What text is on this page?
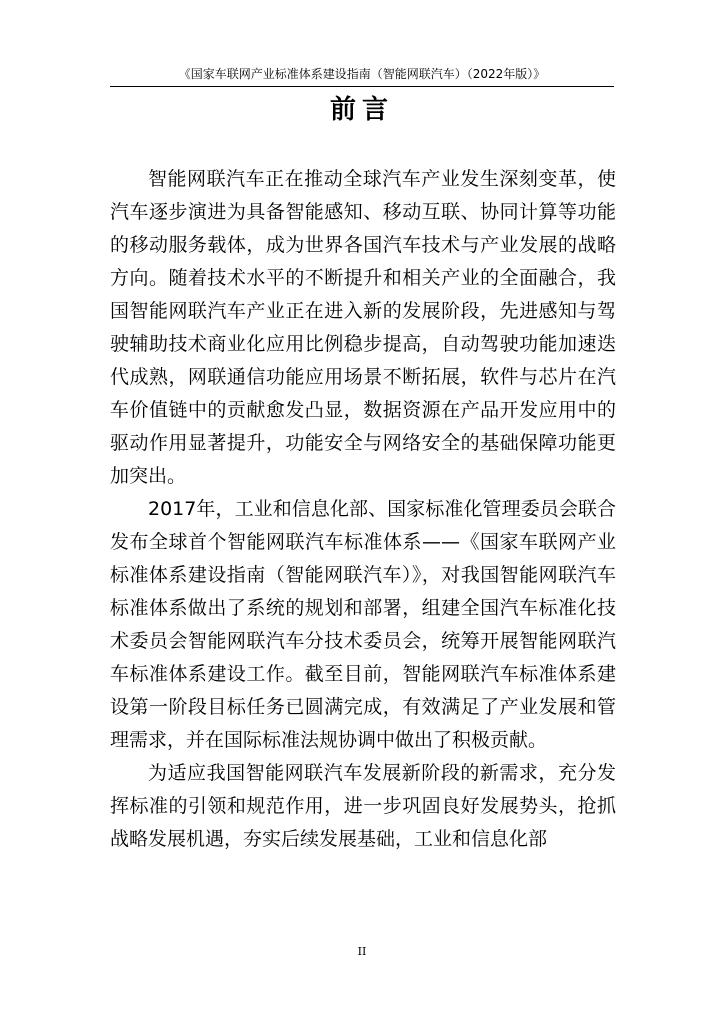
《国家车联网产业标准体系建设指南（智能网联汽车）（2022年版）》
前言

智能网联汽车正在推动全球汽车产业发生深刻变革，使汽车逐步演进为具备智能感知、移动互联、协同计算等功能的移动服务载体，成为世界各国汽车技术与产业发展的战略方向。随着技术水平的不断提升和相关产业的全面融合，我国智能网联汽车产业正在进入新的发展阶段，先进感知与驾驶辅助技术商业化应用比例稳步提高，自动驾驶功能加速迭代成熟，网联通信功能应用场景不断拓展，软件与芯片在汽车价值链中的贡献愈发凸显，数据资源在产品开发应用中的驱动作用显著提升，功能安全与网络安全的基础保障功能更加突出。

2017年，工业和信息化部、国家标准化管理委员会联合发布全球首个智能网联汽车标准体系——《国家车联网产业标准体系建设指南（智能网联汽车）》，对我国智能网联汽车标准体系做出了系统的规划和部署，组建全国汽车标准化技术委员会智能网联汽车分技术委员会，统筹开展智能网联汽车标准体系建设工作。截至目前，智能网联汽车标准体系建设第一阶段目标任务已圆满完成，有效满足了产业发展和管理需求，并在国际标准法规协调中做出了积极贡献。

为适应我国智能网联汽车发展新阶段的新需求，充分发挥标准的引领和规范作用，进一步巩固良好发展势头，抢抓战略发展机遇，夯实后续发展基础，工业和信息化部

II
